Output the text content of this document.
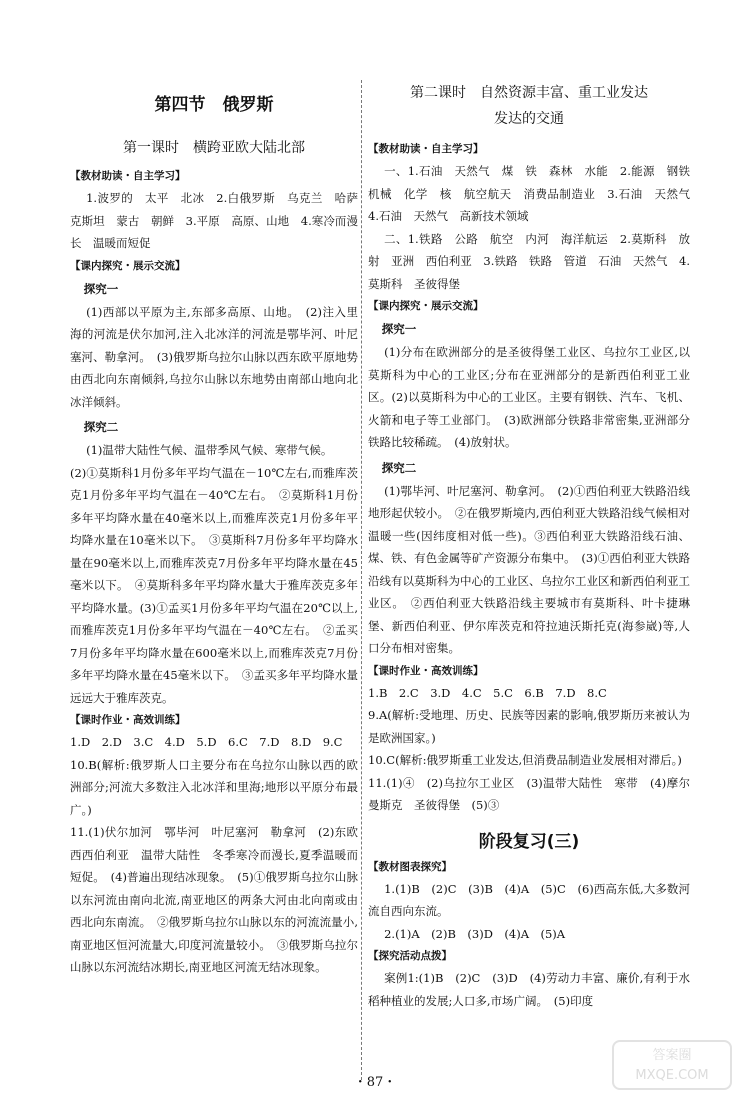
第四节　俄罗斯
第一课时　横跨亚欧大陆北部
【教材助读・自主学习】

1.波罗的　太平　北冰　2.白俄罗斯　乌克兰　哈萨克斯坦　蒙古　朝鲜　3.平原　高原、山地　4.寒冷而漫长　温暖而短促

【课内探究・展示交流】
探究一

(1)西部以平原为主,东部多高原、山地。　(2)注入里海的河流是伏尔加河,注入北冰洋的河流是鄂毕河、叶尼塞河、勒拿河。　(3)俄罗斯乌拉尔山脉以西东欧平原地势由西北向东南倾斜,乌拉尔山脉以东地势由南部山地向北冰洋倾斜。

探究二

(1)温带大陆性气候、温带季风气候、寒带气候。

(2)①莫斯科1月份多年平均气温在－10℃左右,而雅库茨克1月份多年平均气温在－40℃左右。　②莫斯科1月份多年平均降水量在40毫米以上,而雅库茨克1月份多年平均降水量在10毫米以下。　③莫斯科7月份多年平均降水量在90毫米以上,而雅库茨克7月份多年平均降水量在45毫米以下。　④莫斯科多年平均降水量大于雅库茨克多年平均降水量。(3)①孟买1月份多年平均气温在20℃以上,而雅库茨克1月份多年平均气温在－40℃左右。　②孟买7月份多年平均降水量在600毫米以上,而雅库茨克7月份多年平均降水量在45毫米以下。　③孟买多年平均降水量远远大于雅库茨克。

【课时作业・高效训练】

1.D　2.D　3.C　4.D　5.D　6.C　7.D　8.D　9.C

10.B(解析:俄罗斯人口主要分布在乌拉尔山脉以西的欧洲部分;河流大多数注入北冰洋和里海;地形以平原分布最广。)

11.(1)伏尔加河　鄂毕河　叶尼塞河　勒拿河　(2)东欧　西西伯利亚　温带大陆性　冬季寒冷而漫长,夏季温暖而短促。　(4)普遍出现结冰现象。　(5)①俄罗斯乌拉尔山脉以东河流由南向北流,南亚地区的两条大河由北向南或由西北向东南流。　②俄罗斯乌拉尔山脉以东的河流流量小,南亚地区恒河流量大,印度河流量较小。　③俄罗斯乌拉尔山脉以东河流结冰期长,南亚地区河流无结冰现象。

第二课时　自然资源丰富、重工业发达
发达的交通
【教材助读・自主学习】

一、1.石油　天然气　煤　铁　森林　水能　2.能源　钢铁　机械　化学　核　航空航天　消费品制造业　3.石油　天然气　4.石油　天然气　高新技术领域

二、1.铁路　公路　航空　内河　海洋航运　2.莫斯科　放射　亚洲　西伯利亚　3.铁路　铁路　管道　石油　天然气　4.莫斯科　圣彼得堡

【课内探究・展示交流】
探究一

(1)分布在欧洲部分的是圣彼得堡工业区、乌拉尔工业区,以莫斯科为中心的工业区;分布在亚洲部分的是新西伯利亚工业区。(2)以莫斯科为中心的工业区。主要有钢铁、汽车、飞机、火箭和电子等工业部门。　(3)欧洲部分铁路非常密集,亚洲部分铁路比较稀疏。　(4)放射状。

探究二

(1)鄂毕河、叶尼塞河、勒拿河。　(2)①西伯利亚大铁路沿线地形起伏较小。　②在俄罗斯境内,西伯利亚大铁路沿线气候相对温暖一些(因纬度相对低一些)。③西伯利亚大铁路沿线石油、煤、铁、有色金属等矿产资源分布集中。　(3)①西伯利亚大铁路沿线有以莫斯科为中心的工业区、乌拉尔工业区和新西伯利亚工业区。　②西伯利亚大铁路沿线主要城市有莫斯科、叶卡捷琳堡、新西伯利亚、伊尔库茨克和符拉迪沃斯托克(海参崴)等,人口分布相对密集。

【课时作业・高效训练】

1.B　2.C　3.D　4.C　5.C　6.B　7.D　8.C

9.A(解析:受地理、历史、民族等因素的影响,俄罗斯历来被认为是欧洲国家。)

10.C(解析:俄罗斯重工业发达,但消费品制造业发展相对滞后。)

11.(1)④　(2)乌拉尔工业区　(3)温带大陆性　寒带　(4)摩尔曼斯克　圣彼得堡　(5)③

阶段复习(三)
【教材图表探究】

1.(1)B　(2)C　(3)B　(4)A　(5)C　(6)西高东低,大多数河流自西向东流。

2.(1)A　(2)B　(3)D　(4)A　(5)A

【探究活动点拨】

案例1:(1)B　(2)C　(3)D　(4)劳动力丰富、廉价,有利于水稻种植业的发展;人口多,市场广阔。　(5)印度

・87・
答案圈
MXQE.COM
